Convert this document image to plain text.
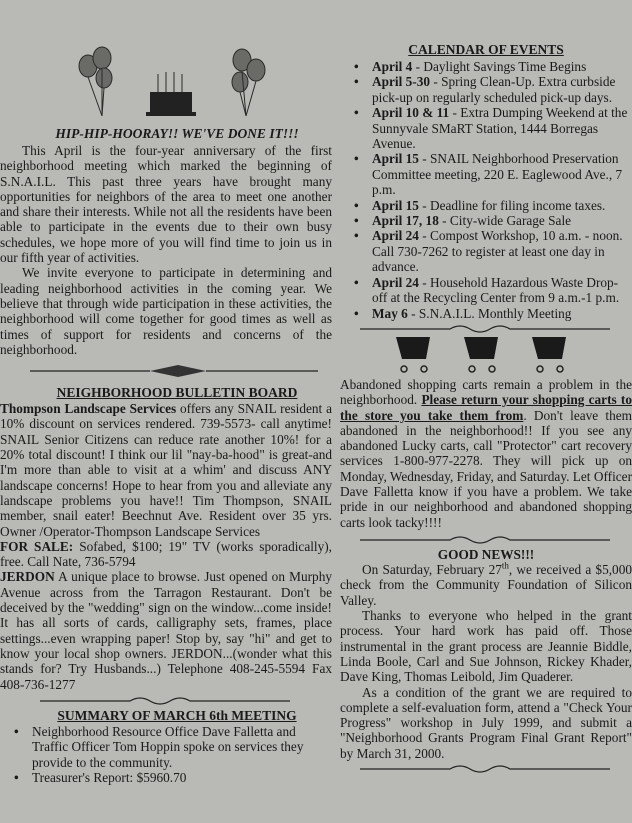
HIP-HIP-HOORAY!! WE'VE DONE IT!!!

This April is the four-year anniversary of the first neighborhood meeting which marked the beginning of S.N.A.I.L. This past three years have brought many opportunities for neighbors of the area to meet one another and share their interests. While not all the residents have been able to participate in the events due to their own busy schedules, we hope more of you will find time to join us in our fifth year of activities.

We invite everyone to participate in determining and leading neighborhood activities in the coming year. We believe that through wide participation in these activities, the neighborhood will come together for good times as well as times of support for residents and concerns of the neighborhood.

NEIGHBORHOOD BULLETIN BOARD

Thompson Landscape Services offers any SNAIL resident a 10% discount on services rendered. 739-5573- call anytime! SNAIL Senior Citizens can reduce rate another 10%! for a 20% total discount! I think our lil "nay-ba-hood" is great-and I'm more than able to visit at a whim' and discuss ANY landscape concerns! Hope to hear from you and alleviate any landscape problems you have!! Tim Thompson, SNAIL member, snail eater! Beechnut Ave. Resident over 35 yrs. Owner /Operator-Thompson Landscape Services

FOR SALE: Sofabed, $100; 19" TV (works sporadically), free. Call Nate, 736-5794

JERDON A unique place to browse. Just opened on Murphy Avenue across from the Tarragon Restaurant. Don't be deceived by the "wedding" sign on the window...come inside! It has all sorts of cards, calligraphy sets, frames, place settings...even wrapping paper! Stop by, say "hi" and get to know your local shop owners. JERDON...(wonder what this stands for? Try Husbands...) Telephone 408-245-5594 Fax 408-736-1277

SUMMARY OF MARCH 6th MEETING

• Neighborhood Resource Office Dave Falletta and Traffic Officer Tom Hoppin spoke on services they provide to the community.
• Treasurer's Report: $5960.70

CALENDAR OF EVENTS

• April 4 - Daylight Savings Time Begins
• April 5-30 - Spring Clean-Up. Extra curbside pick-up on regularly scheduled pick-up days.
• April 10 & 11 - Extra Dumping Weekend at the Sunnyvale SMaRT Station, 1444 Borregas Avenue.
• April 15 - SNAIL Neighborhood Preservation Committee meeting, 220 E. Eaglewood Ave., 7 p.m.
• April 15 - Deadline for filing income taxes.
• April 17, 18 - City-wide Garage Sale
• April 24 - Compost Workshop, 10 a.m. - noon. Call 730-7262 to register at least one day in advance.
• April 24 - Household Hazardous Waste Drop-off at the Recycling Center from 9 a.m.-1 p.m.
• May 6 - S.N.A.I.L. Monthly Meeting

Abandoned shopping carts remain a problem in the neighborhood. Please return your shopping carts to the store you take them from. Don't leave them abandoned in the neighborhood!! If you see any abandoned Lucky carts, call "Protector" cart recovery services 1-800-977-2278. They will pick up on Monday, Wednesday, Friday, and Saturday. Let Officer Dave Falletta know if you have a problem. We take pride in our neighborhood and abandoned shopping carts look tacky!!!!

GOOD NEWS!!!

On Saturday, February 27th, we received a $5,000 check from the Community Foundation of Silicon Valley.

Thanks to everyone who helped in the grant process. Your hard work has paid off. Those instrumental in the grant process are Jeannie Biddle, Linda Boole, Carl and Sue Johnson, Rickey Khader, Dave King, Thomas Leibold, Jim Quaderer.

As a condition of the grant we are required to complete a self-evaluation form, attend a "Check Your Progress" workshop in July 1999, and submit a "Neighborhood Grants Program Final Grant Report" by March 31, 2000.
